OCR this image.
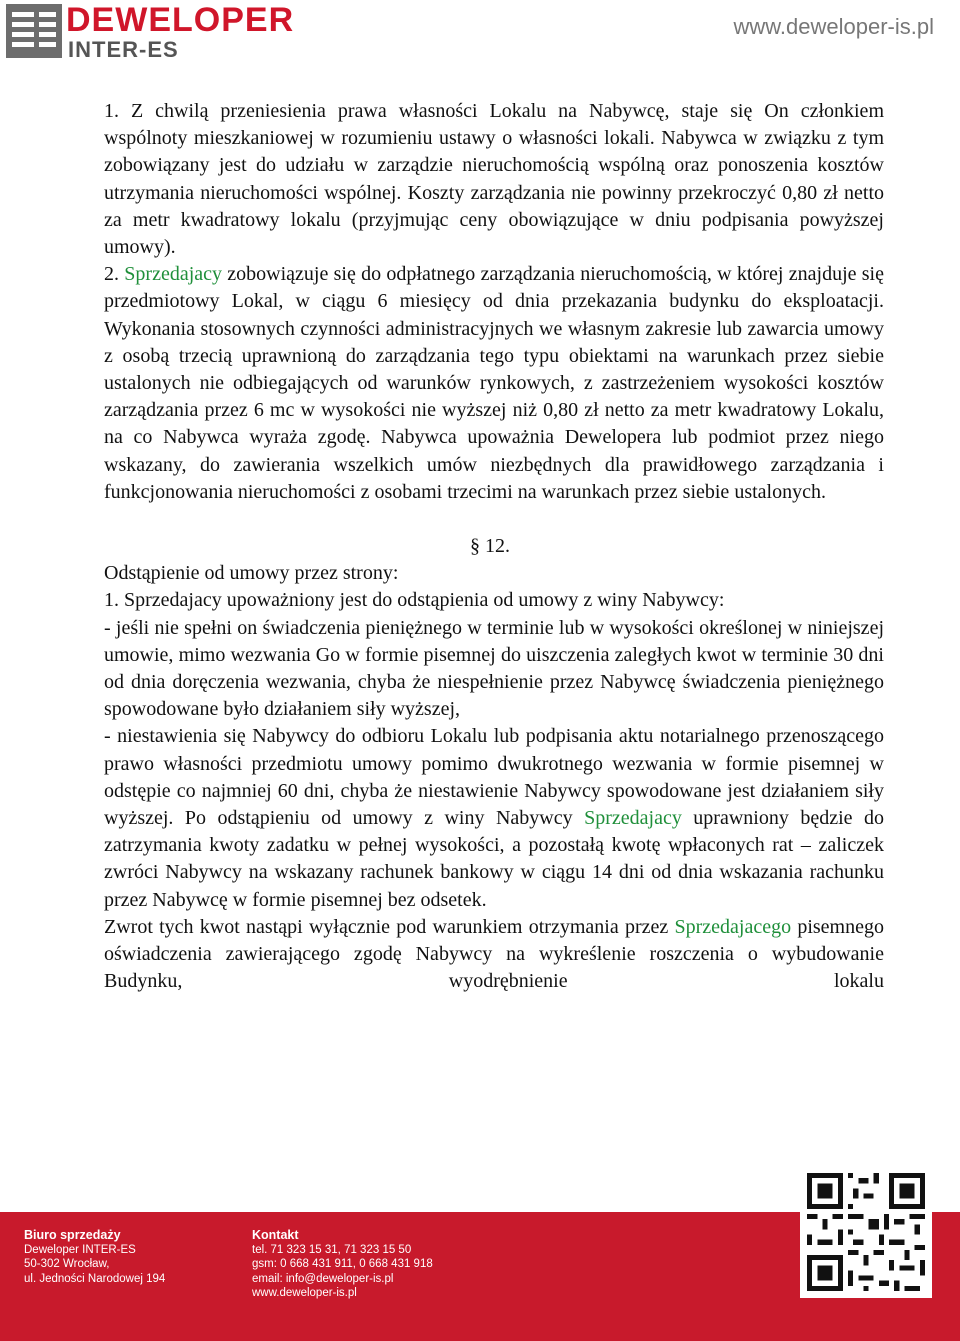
DEWELOPER
INTER-ES
www.deweloper-is.pl

1. Z chwilą przeniesienia prawa własności Lokalu na Nabywcę, staje się On członkiem wspólnoty mieszkaniowej w rozumieniu ustawy o własności lokali. Nabywca w związku z tym zobowiązany jest do udziału w zarządzie nieruchomością wspólną oraz ponoszenia kosztów utrzymania nieruchomości wspólnej. Koszty zarządzania nie powinny przekroczyć 0,80 zł netto za metr kwadratowy lokalu (przyjmując ceny obowiązujące w dniu podpisania powyższej umowy).

2. Sprzedajacy zobowiązuje się do odpłatnego zarządzania nieruchomością, w której znajduje się przedmiotowy Lokal, w ciągu 6 miesięcy od dnia przekazania budynku do eksploatacji. Wykonania stosownych czynności administracyjnych we własnym zakresie lub zawarcia umowy z osobą trzecią uprawnioną do zarządzania tego typu obiektami na warunkach przez siebie ustalonych nie odbiegających od warunków rynkowych, z zastrzeżeniem wysokości kosztów zarządzania przez 6 mc w wysokości nie wyższej niż 0,80 zł netto za metr kwadratowy Lokalu, na co Nabywca wyraża zgodę. Nabywca upoważnia Dewelopera lub podmiot przez niego wskazany, do zawierania wszelkich umów niezbędnych dla prawidłowego zarządzania i funkcjonowania nieruchomości z osobami trzecimi na warunkach przez siebie ustalonych.

§ 12.

Odstąpienie od umowy przez strony:

1. Sprzedajacy upoważniony jest do odstąpienia od umowy z winy Nabywcy:

- jeśli nie spełni on świadczenia pieniężnego w terminie lub w wysokości określonej w niniejszej umowie, mimo wezwania Go w formie pisemnej do uiszczenia zaległych kwot w terminie 30 dni od dnia doręczenia wezwania, chyba że niespełnienie przez Nabywcę świadczenia pieniężnego spowodowane było działaniem siły wyższej,

- niestawienia się Nabywcy do odbioru Lokalu lub podpisania aktu notarialnego przenoszącego prawo własności przedmiotu umowy pomimo dwukrotnego wezwania w formie pisemnej w odstępie co najmniej 60 dni, chyba że niestawienie Nabywcy spowodowane jest działaniem siły wyższej. Po odstąpieniu od umowy z winy Nabywcy Sprzedajacy uprawniony będzie do zatrzymania kwoty zadatku w pełnej wysokości, a pozostałą kwotę wpłaconych rat – zaliczek zwróci Nabywcy na wskazany rachunek bankowy w ciągu 14 dni od dnia wskazania rachunku przez Nabywcę w formie pisemnej bez odsetek.

Zwrot tych kwot nastąpi wyłącznie pod warunkiem otrzymania przez Sprzedajacego pisemnego oświadczenia zawierającego zgodę Nabywcy na wykreślenie roszczenia o wybudowanie Budynku, wyodrębnienie lokalu

Biuro sprzedaży
Deweloper INTER-ES
50-302 Wrocław,
ul. Jedności Narodowej 194
Kontakt
tel. 71 323 15 31, 71 323 15 50
gsm: 0 668 431 911, 0 668 431 918
email: info@deweloper-is.pl
www.deweloper-is.pl
